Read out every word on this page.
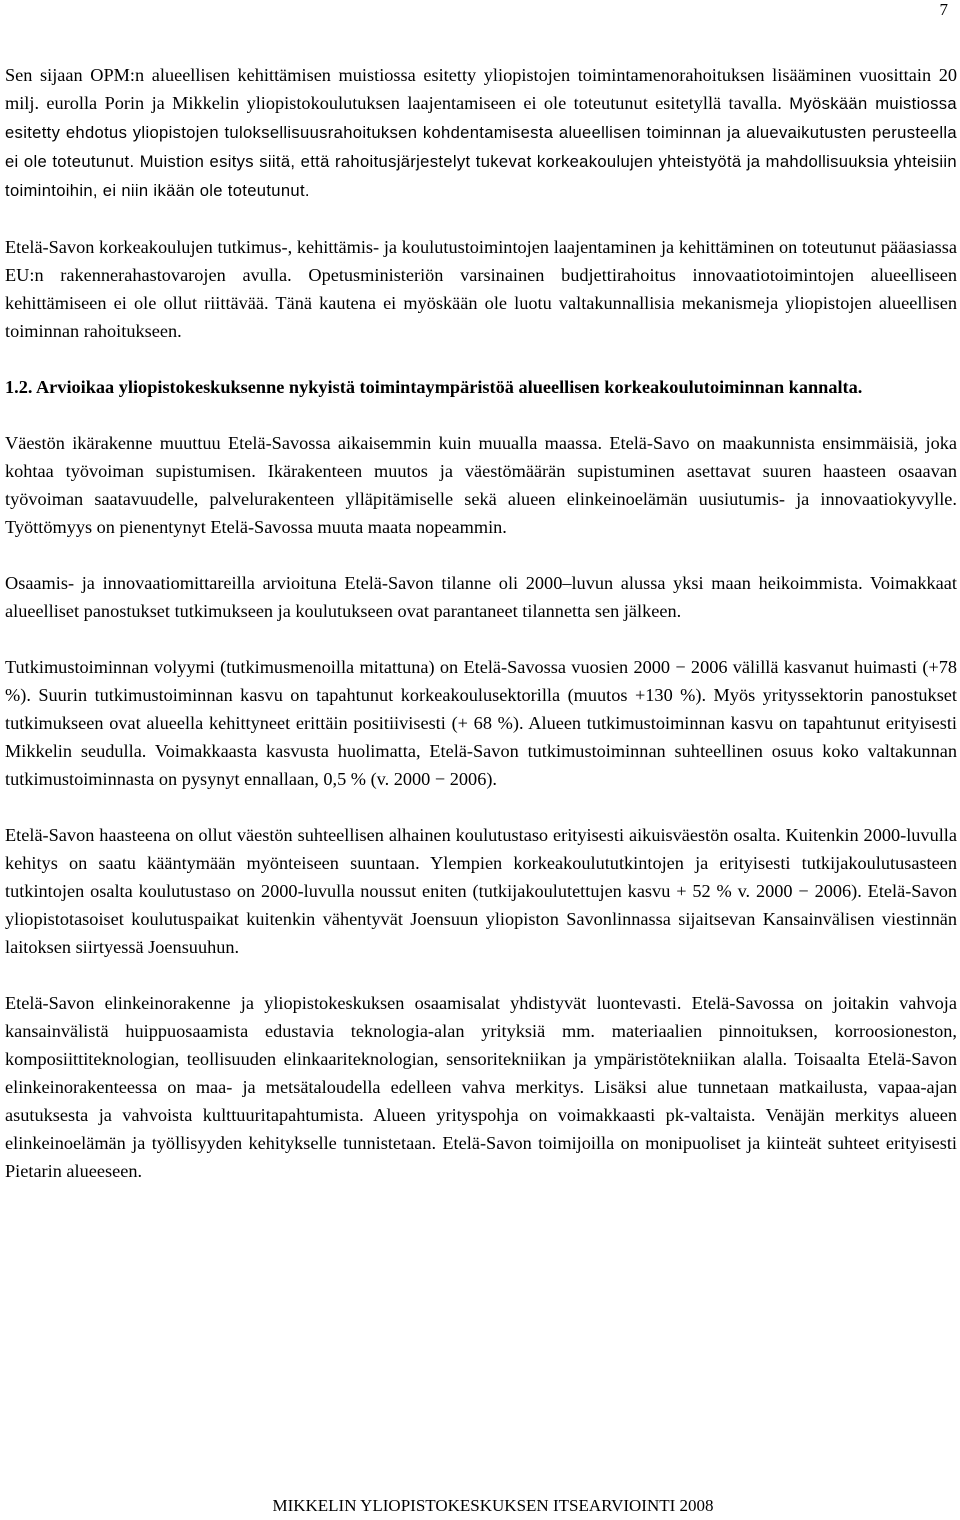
7

Sen sijaan OPM:n alueellisen kehittämisen muistiossa esitetty yliopistojen toimintamenorahoituksen lisääminen vuosittain 20 milj. eurolla Porin ja Mikkelin yliopistokoulutuksen laajentamiseen ei ole toteutunut esitetyllä tavalla. Myöskään muistiossa esitetty ehdotus yliopistojen tuloksellisuusrahoituksen kohdentamisesta alueellisen toiminnan ja aluevaikutusten perusteella ei ole toteutunut. Muistion esitys siitä, että rahoitusjärjestelyt tukevat korkeakoulujen yhteistyötä ja mahdollisuuksia yhteisiin toimintoihin, ei niin ikään ole toteutunut.

Etelä-Savon korkeakoulujen tutkimus-, kehittämis- ja koulutustoimintojen laajentaminen ja kehittäminen on toteutunut pääasiassa EU:n rakennerahastovarojen avulla. Opetusministeriön varsinainen budjettirahoitus innovaatiotoimintojen alueelliseen kehittämiseen ei ole ollut riittävää. Tänä kautena ei myöskään ole luotu valtakunnallisia mekanismeja yliopistojen alueellisen toiminnan rahoitukseen.

1.2. Arvioikaa yliopistokeskuksenne nykyistä toimintaympäristöä alueellisen korkeakoulutoiminnan kannalta.

Väestön ikärakenne muuttuu Etelä-Savossa aikaisemmin kuin muualla maassa. Etelä-Savo on maakunnista ensimmäisiä, joka kohtaa työvoiman supistumisen. Ikärakenteen muutos ja väestömäärän supistuminen asettavat suuren haasteen osaavan työvoiman saatavuudelle, palvelurakenteen ylläpitämiselle sekä alueen elinkeinoelämän uusiutumis- ja innovaatiokyvylle. Työttömyys on pienentynyt Etelä-Savossa muuta maata nopeammin.

Osaamis- ja innovaatiomittareilla arvioituna Etelä-Savon tilanne oli 2000–luvun alussa yksi maan heikoimmista. Voimakkaat alueelliset panostukset tutkimukseen ja koulutukseen ovat parantaneet tilannetta sen jälkeen.

Tutkimustoiminnan volyymi (tutkimusmenoilla mitattuna) on Etelä-Savossa vuosien 2000 − 2006 välillä kasvanut huimasti (+78 %). Suurin tutkimustoiminnan kasvu on tapahtunut korkeakoulusektorilla (muutos +130 %). Myös yrityssektorin panostukset tutkimukseen ovat alueella kehittyneet erittäin positiivisesti (+ 68 %). Alueen tutkimustoiminnan kasvu on tapahtunut erityisesti Mikkelin seudulla. Voimakkaasta kasvusta huolimatta, Etelä-Savon tutkimustoiminnan suhteellinen osuus koko valtakunnan tutkimustoiminnasta on pysynyt ennallaan, 0,5 % (v. 2000 − 2006).

Etelä-Savon haasteena on ollut väestön suhteellisen alhainen koulutustaso erityisesti aikuisväestön osalta. Kuitenkin 2000-luvulla kehitys on saatu kääntymään myönteiseen suuntaan. Ylempien korkeakoulututkintojen ja erityisesti tutkijakoulutusasteen tutkintojen osalta koulutustaso on 2000-luvulla noussut eniten (tutkijakoulutettujen kasvu + 52 % v. 2000 − 2006). Etelä-Savon yliopistotasoiset koulutuspaikat kuitenkin vähentyvät Joensuun yliopiston Savonlinnassa sijaitsevan Kansainvälisen viestinnän laitoksen siirtyessä Joensuuhun.

Etelä-Savon elinkeinorakenne ja yliopistokeskuksen osaamisalat yhdistyvät luontevasti. Etelä-Savossa on joitakin vahvoja kansainvälistä huippuosaamista edustavia teknologia-alan yrityksiä mm. materiaalien pinnoituksen, korroosioneston, komposiittiteknologian, teollisuuden elinkaariteknologian, sensoritekniikan ja ympäristötekniikan alalla. Toisaalta Etelä-Savon elinkeinorakenteessa on maa- ja metsätaloudella edelleen vahva merkitys. Lisäksi alue tunnetaan matkailusta, vapaa-ajan asutuksesta ja vahvoista kulttuuritapahtumista. Alueen yrityspohja on voimakkaasti pk-valtaista. Venäjän merkitys alueen elinkeinoelämän ja työllisyyden kehitykselle tunnistetaan. Etelä-Savon toimijoilla on monipuoliset ja kiinteät suhteet erityisesti Pietarin alueeseen.

MIKKELIN YLIOPISTOKESKUKSEN ITSEARVIOINTI 2008
